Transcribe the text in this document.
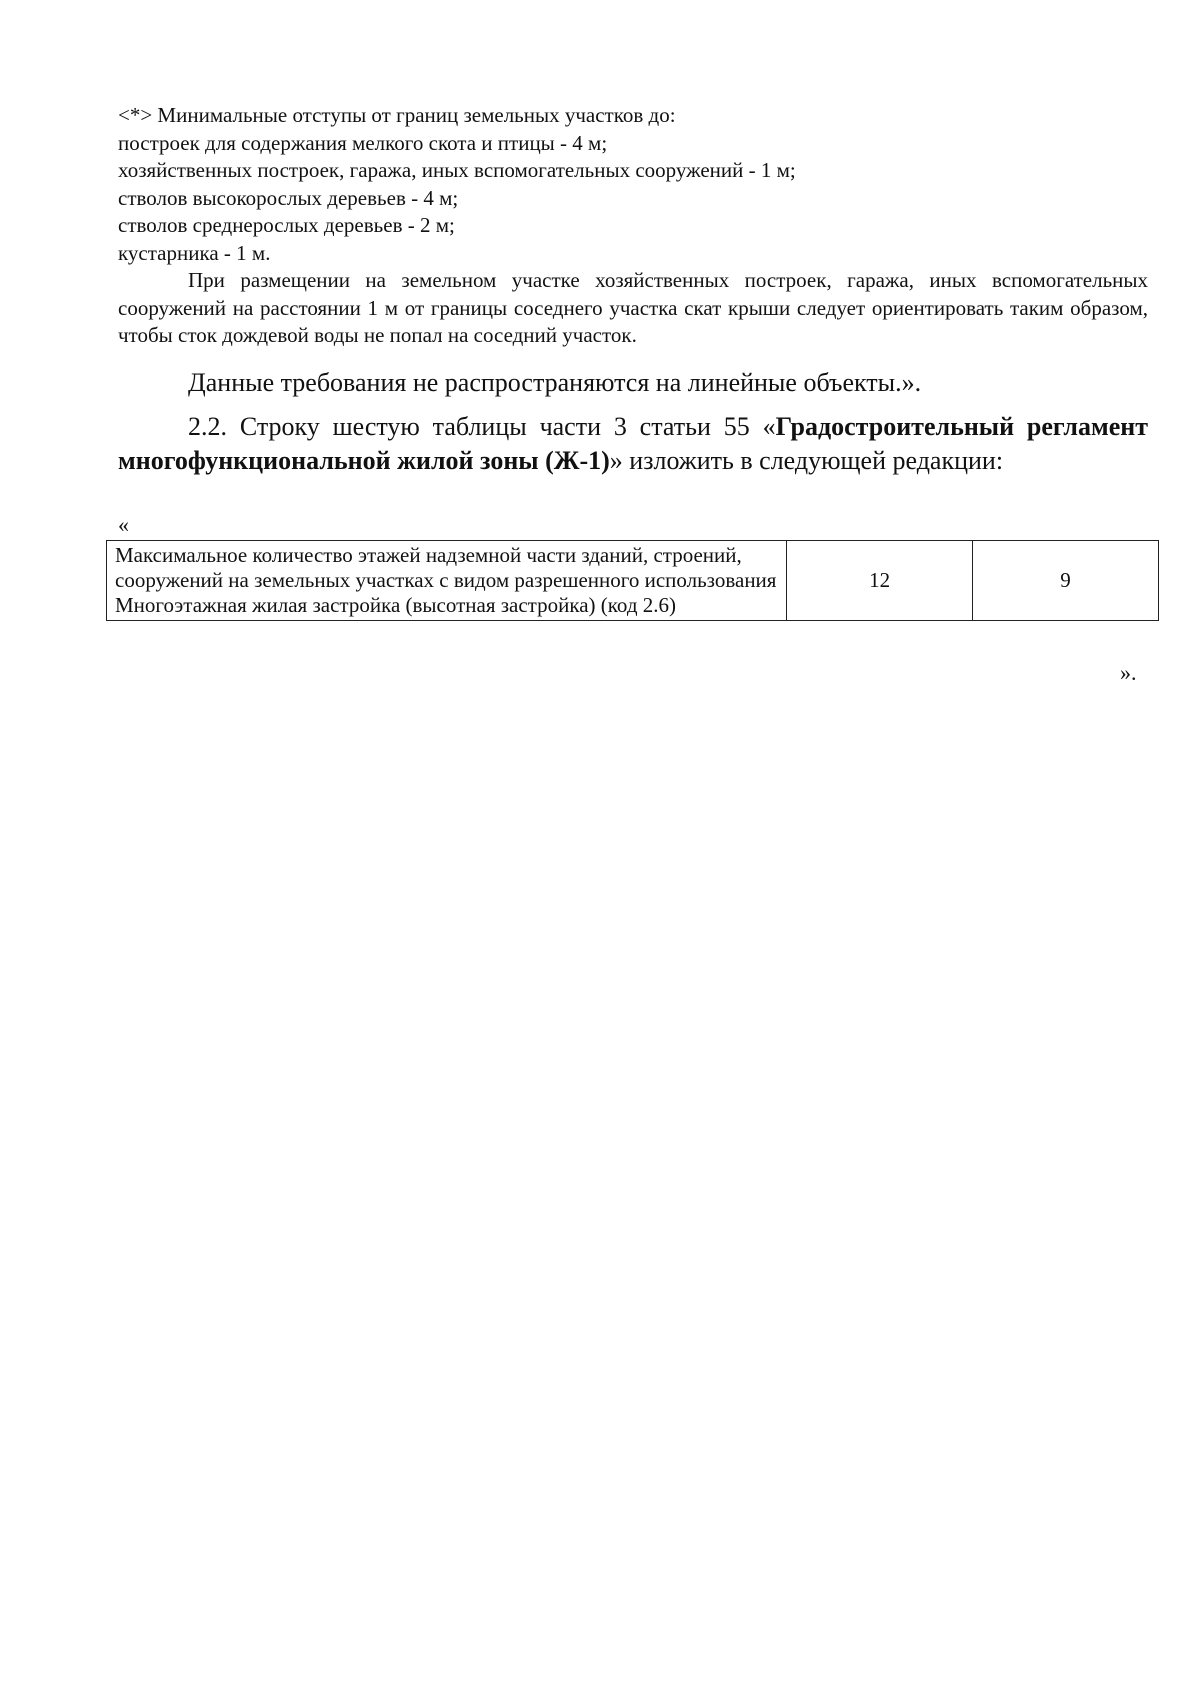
<*> Минимальные отступы от границ земельных участков до:
построек для содержания мелкого скота и птицы - 4 м;
хозяйственных построек, гаража, иных вспомогательных сооружений - 1 м;
стволов высокорослых деревьев - 4 м;
стволов среднерослых деревьев - 2 м;
кустарника - 1 м.
При размещении на земельном участке хозяйственных построек, гаража, иных вспомогательных сооружений на расстоянии 1 м от границы соседнего участка скат крыши следует ориентировать таким образом, чтобы сток дождевой воды не попал на соседний участок.
Данные требования не распространяются на линейные объекты.».
2.2. Строку шестую таблицы части 3 статьи 55 «Градостроительный регламент многофункциональной жилой зоны (Ж-1)» изложить в следующей редакции:
«
Максимальное количество этажей надземной части зданий, строений, сооружений на земельных участках с видом разрешенного использования Многоэтажная жилая застройка (высотная застройка) (код 2.6)	12	9
».
